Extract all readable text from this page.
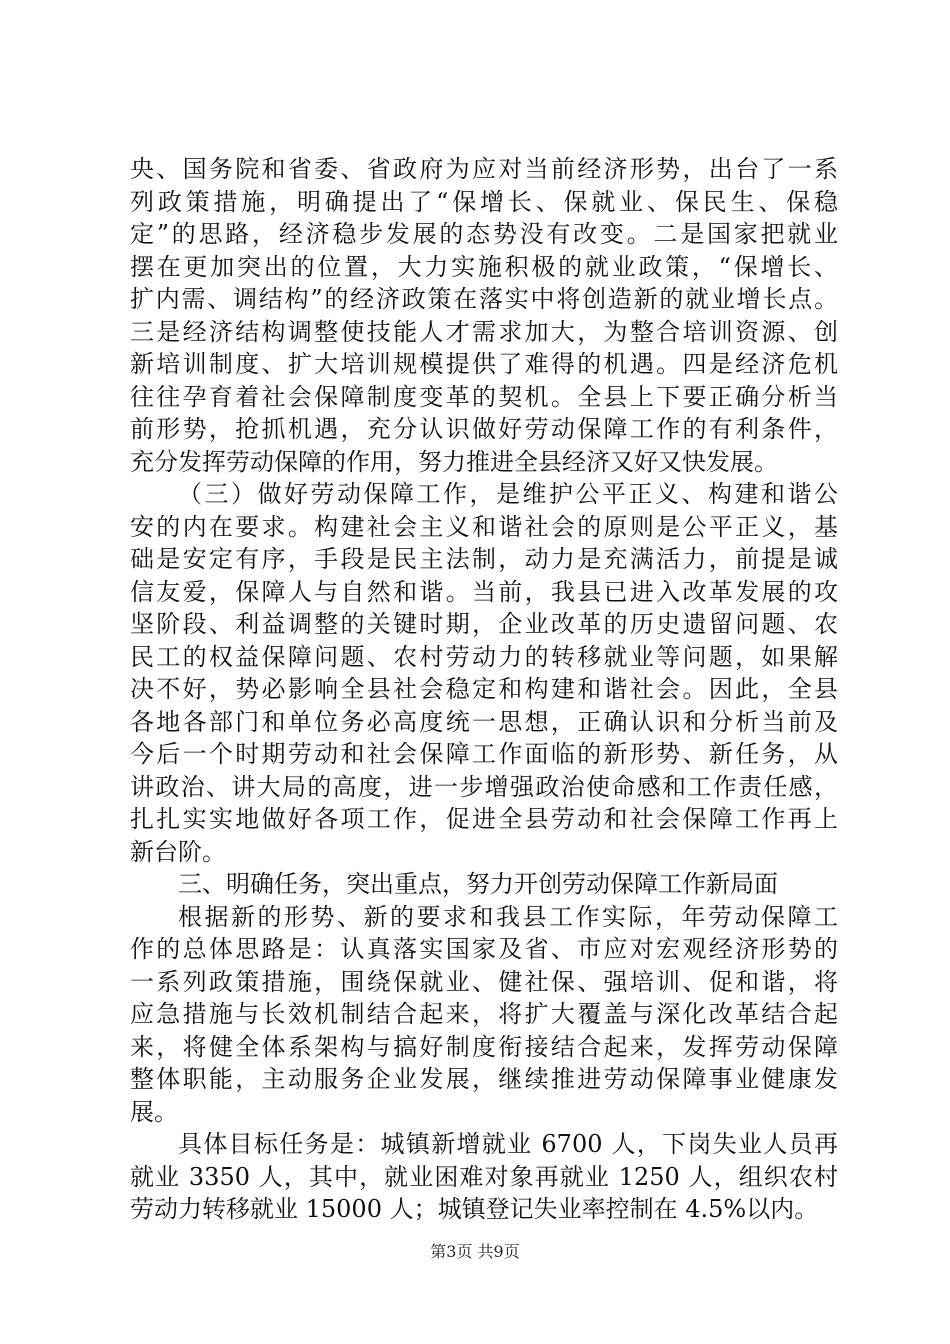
央、国务院和省委、省政府为应对当前经济形势，出台了一系
列政策措施，明确提出了“保增长、保就业、保民生、保稳
定”的思路，经济稳步发展的态势没有改变。二是国家把就业
摆在更加突出的位置，大力实施积极的就业政策，“保增长、
扩内需、调结构”的经济政策在落实中将创造新的就业增长点。
三是经济结构调整使技能人才需求加大，为整合培训资源、创
新培训制度、扩大培训规模提供了难得的机遇。四是经济危机
往往孕育着社会保障制度变革的契机。全县上下要正确分析当
前形势，抢抓机遇，充分认识做好劳动保障工作的有利条件，
充分发挥劳动保障的作用，努力推进全县经济又好又快发展。
（三）做好劳动保障工作，是维护公平正义、构建和谐公
安的内在要求。构建社会主义和谐社会的原则是公平正义，基
础是安定有序，手段是民主法制，动力是充满活力，前提是诚
信友爱，保障人与自然和谐。当前，我县已进入改革发展的攻
坚阶段、利益调整的关键时期，企业改革的历史遗留问题、农
民工的权益保障问题、农村劳动力的转移就业等问题，如果解
决不好，势必影响全县社会稳定和构建和谐社会。因此，全县
各地各部门和单位务必高度统一思想，正确认识和分析当前及
今后一个时期劳动和社会保障工作面临的新形势、新任务，从
讲政治、讲大局的高度，进一步增强政治使命感和工作责任感，
扎扎实实地做好各项工作，促进全县劳动和社会保障工作再上
新台阶。
三、明确任务，突出重点，努力开创劳动保障工作新局面
根据新的形势、新的要求和我县工作实际，年劳动保障工
作的总体思路是：认真落实国家及省、市应对宏观经济形势的
一系列政策措施，围绕保就业、健社保、强培训、促和谐，将
应急措施与长效机制结合起来，将扩大覆盖与深化改革结合起
来，将健全体系架构与搞好制度衔接结合起来，发挥劳动保障
整体职能，主动服务企业发展，继续推进劳动保障事业健康发
展。
具体目标任务是：城镇新增就业 6700 人，下岗失业人员再
就业 3350 人，其中，就业困难对象再就业 1250 人，组织农村
劳动力转移就业 15000 人；城镇登记失业率控制在 4.5%以内。
第3页 共9页
